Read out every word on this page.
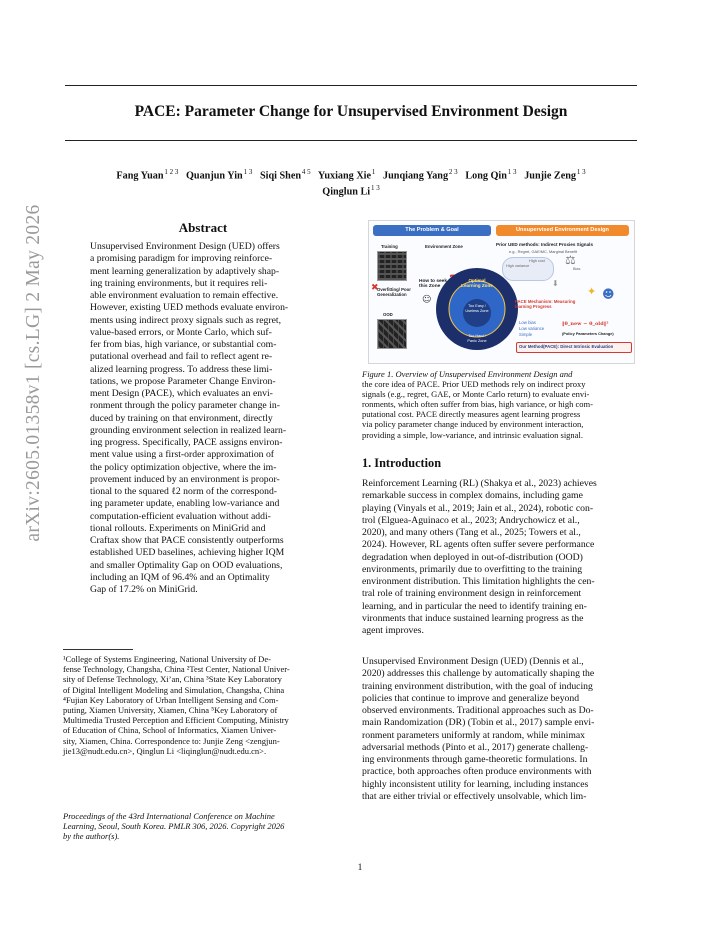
PACE: Parameter Change for Unsupervised Environment Design
Fang Yuan $^{1 2 3}$ Quanjun Yin $^{1 3}$ Siqi Shen $^{4 5}$ Yuxiang Xie $^1$ Junqiang Yang $^{2 3}$ Long Qin $^{1 3}$ Junjie Zeng $^{1 3}$
Qinglun Li $^{1 3}$
arXiv:2605.01358v1 [cs.LG] 2 May 2026	Abstract
Unsupervised Environment Design (UED) offers
a promising paradigm for improving reinforce-
ment learning generalization by adaptively shap-
ing training environments, but it requires reli-
able environment evaluation to remain effective.
However, existing UED methods evaluate environ-
ments using indirect proxy signals such as regret,
value-based errors, or Monte Carlo, which suf-
fer from bias, high variance, or substantial com-
putational overhead and fail to reflect agent re-
alized learning progress. To address these limi-
tations, we propose Parameter Change Environ-
ment Design (PACE), which evaluates an envi-
ronment through the policy parameter change in-
duced by training on that environment, directly
grounding environment selection in realized learn-
ing progress. Specifically, PACE assigns environ-
ment value using a first-order approximation of
the policy optimization objective, where the im-
provement induced by an environment is propor-
tional to the squared ℓ2 norm of the correspond-
ing parameter update, enabling low-variance and
computation-efficient evaluation without addi-
tional rollouts. Experiments on MiniGrid and
Craftax show that PACE consistently outperforms
established UED baselines, achieving higher IQM
and smaller Optimality Gap on OOD evaluations,
including an IQM of 96.4% and an Optimality
Gap of 17.2% on MiniGrid.
¹College of Systems Engineering, National University of De-
fense Technology, Changsha, China ²Test Center, National Univer-
sity of Defense Technology, Xi’an, China ³State Key Laboratory
of Digital Intelligent Modeling and Simulation, Changsha, China
⁴Fujian Key Laboratory of Urban Intelligent Sensing and Com-
puting, Xiamen University, Xiamen, China ⁵Key Laboratory of
Multimedia Trusted Perception and Efficient Computing, Ministry
of Education of China, School of Informatics, Xiamen Univer-
sity, Xiamen, China. Correspondence to: Junjie Zeng <zengjun-
jie13@nudt.edu.cn>, Qinglun Li <liqinglun@nudt.edu.cn>.
Proceedings of the 43rd International Conference on Machine
Learning, Seoul, South Korea. PMLR 306, 2026. Copyright 2026
by the author(s).
The Problem & Goal	Unsupervised Environment Design
Training
OOD
Overfitting/ Poor Generalization
✖
Environment Zone
How to seek this Zone
☺
Optimal Learning Zone
Too Easy / Useless Zone
Too Hard / Panic Zone
Prior UED methods: Indirect Proxies Signals
e.g., Regret, GAE/MC, Marginal Benefit
High variance
High cost
Bias
⚖
⬇
PACE Mechanism: Measuring learning Progress
✦ ☻
Low bias
Low variance
Simple
‖θ_new − θ_old‖²
(Policy Parameters Change)
Our Method(PACE): Direct Intrinsic Evaluation
Figure 1. Overview of Unsupervised Environment Design and
the core idea of PACE. Prior UED methods rely on indirect proxy
signals (e.g., regret, GAE, or Monte Carlo return) to evaluate envi-
ronments, which often suffer from bias, high variance, or high com-
putational cost. PACE directly measures agent learning progress
via policy parameter change induced by environment interaction,
providing a simple, low-variance, and intrinsic evaluation signal.
1. Introduction
Reinforcement Learning (RL) (Shakya et al., 2023) achieves
remarkable success in complex domains, including game
playing (Vinyals et al., 2019; Jain et al., 2024), robotic con-
trol (Elguea-Aguinaco et al., 2023; Andrychowicz et al.,
2020), and many others (Tang et al., 2025; Towers et al.,
2024). However, RL agents often suffer severe performance
degradation when deployed in out-of-distribution (OOD)
environments, primarily due to overfitting to the training
environment distribution. This limitation highlights the cen-
tral role of training environment design in reinforcement
learning, and in particular the need to identify training en-
vironments that induce sustained learning progress as the
agent improves.
Unsupervised Environment Design (UED) (Dennis et al.,
2020) addresses this challenge by automatically shaping the
training environment distribution, with the goal of inducing
policies that continue to improve and generalize beyond
observed environments. Traditional approaches such as Do-
main Randomization (DR) (Tobin et al., 2017) sample envi-
ronment parameters uniformly at random, while minimax
adversarial methods (Pinto et al., 2017) generate challeng-
ing environments through game-theoretic formulations. In
practice, both approaches often produce environments with
highly inconsistent utility for learning, including instances
that are either trivial or effectively unsolvable, which lim-
1
